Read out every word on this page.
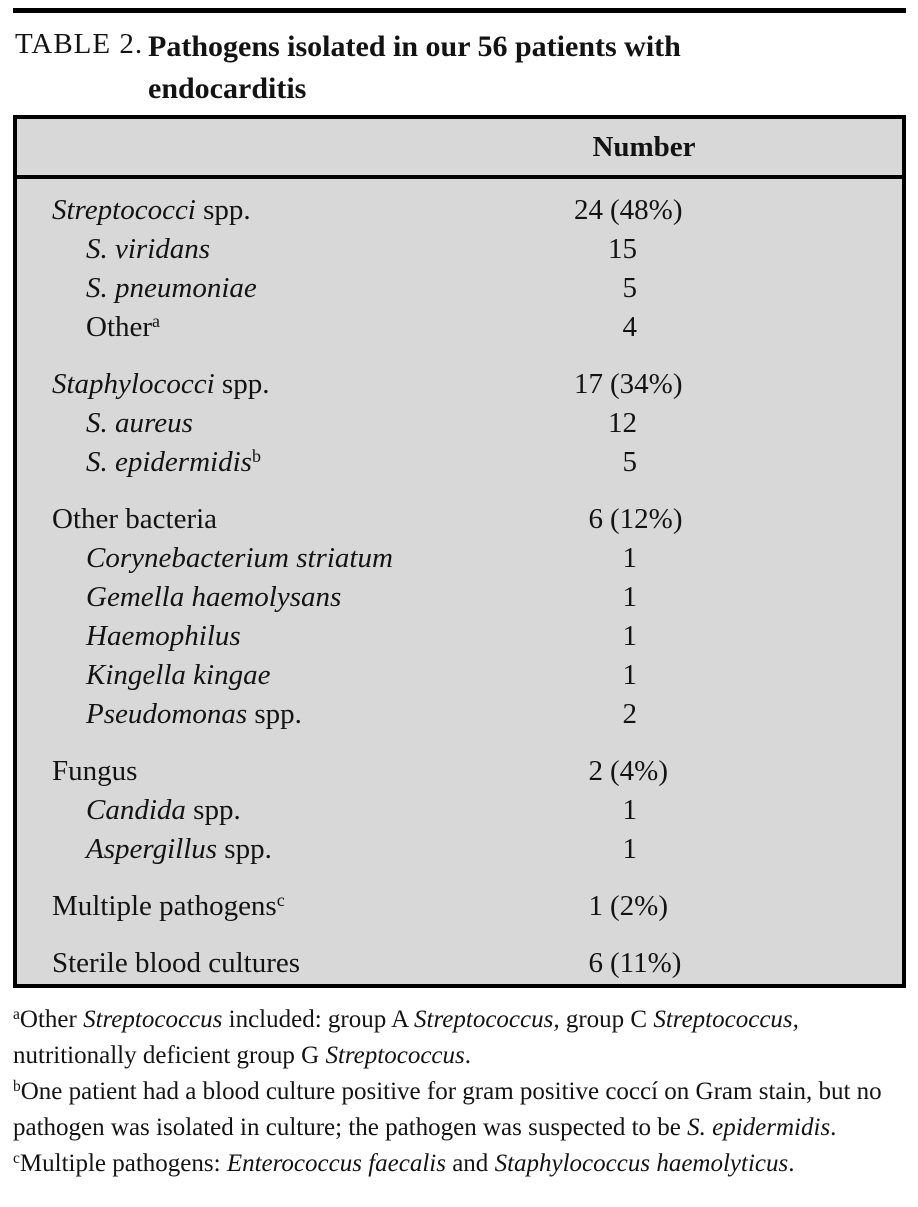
TABLE 2. Pathogens isolated in our 56 patients with
endocarditis
Number
Streptococci spp.	24 (48%)
S. viridans	15
S. pneumoniae	5
Other$^a$	4
Staphylococci spp.	17 (34%)
S. aureus	12
S. epidermidis$^b$	5
Other bacteria	6 (12%)
Corynebacterium striatum	1
Gemella haemolysans	1
Haemophilus	1
Kingella kingae	1
Pseudomonas spp.	2
Fungus	2 (4%)
Candida spp.	1
Aspergillus spp.	1
Multiple pathogens$^c$	1 (2%)
Sterile blood cultures	6 (11%)

$^a$Other Streptococcus included: group A Streptococcus, group C Streptococcus, nutritionally deficient group G Streptococcus.

$^b$One patient had a blood culture positive for gram positive coccí on Gram stain, but no pathogen was isolated in culture; the pathogen was suspected to be S. epidermidis.

$^c$Multiple pathogens: Enterococcus faecalis and Staphylococcus haemolyticus.
